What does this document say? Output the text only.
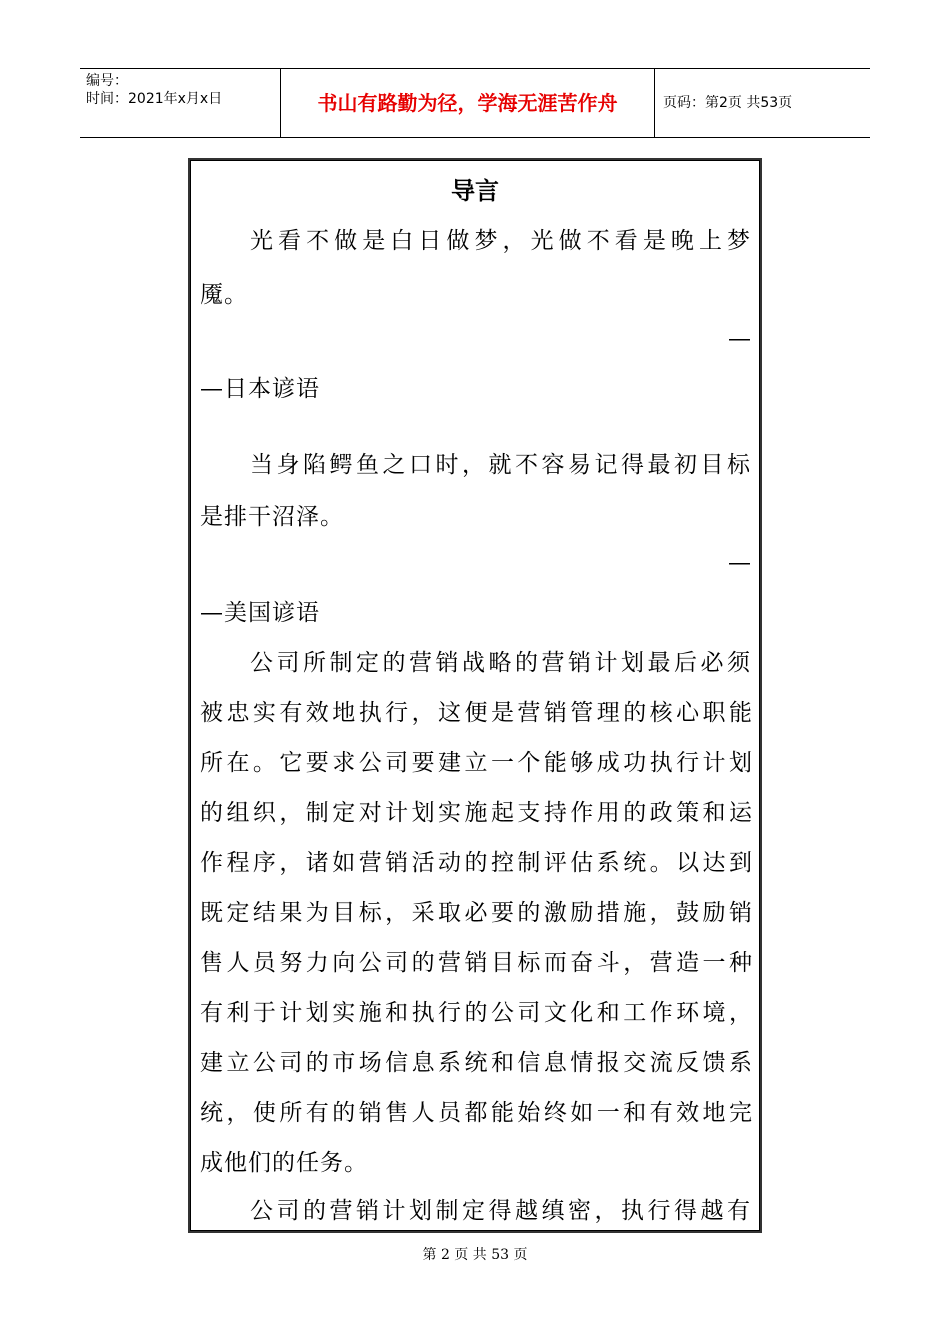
编号：
时间：2021年x月x日	书山有路勤为径，学海无涯苦作舟	页码：第2页 共53页
导言
光看不做是白日做梦，光做不看是晚上梦
魇。
—
—日本谚语
当身陷鳄鱼之口时，就不容易记得最初目标
是排干沼泽。
—
—美国谚语
公司所制定的营销战略的营销计划最后必须
被忠实有效地执行，这便是营销管理的核心职能
所在。它要求公司要建立一个能够成功执行计划
的组织，制定对计划实施起支持作用的政策和运
作程序，诸如营销活动的控制评估系统。以达到
既定结果为目标，采取必要的激励措施，鼓励销
售人员努力向公司的营销目标而奋斗，营造一种
有利于计划实施和执行的公司文化和工作环境，
建立公司的市场信息系统和信息情报交流反馈系
统，使所有的销售人员都能始终如一和有效地完
成他们的任务。
公司的营销计划制定得越缜密，执行得越有
第 2 页 共 53 页
